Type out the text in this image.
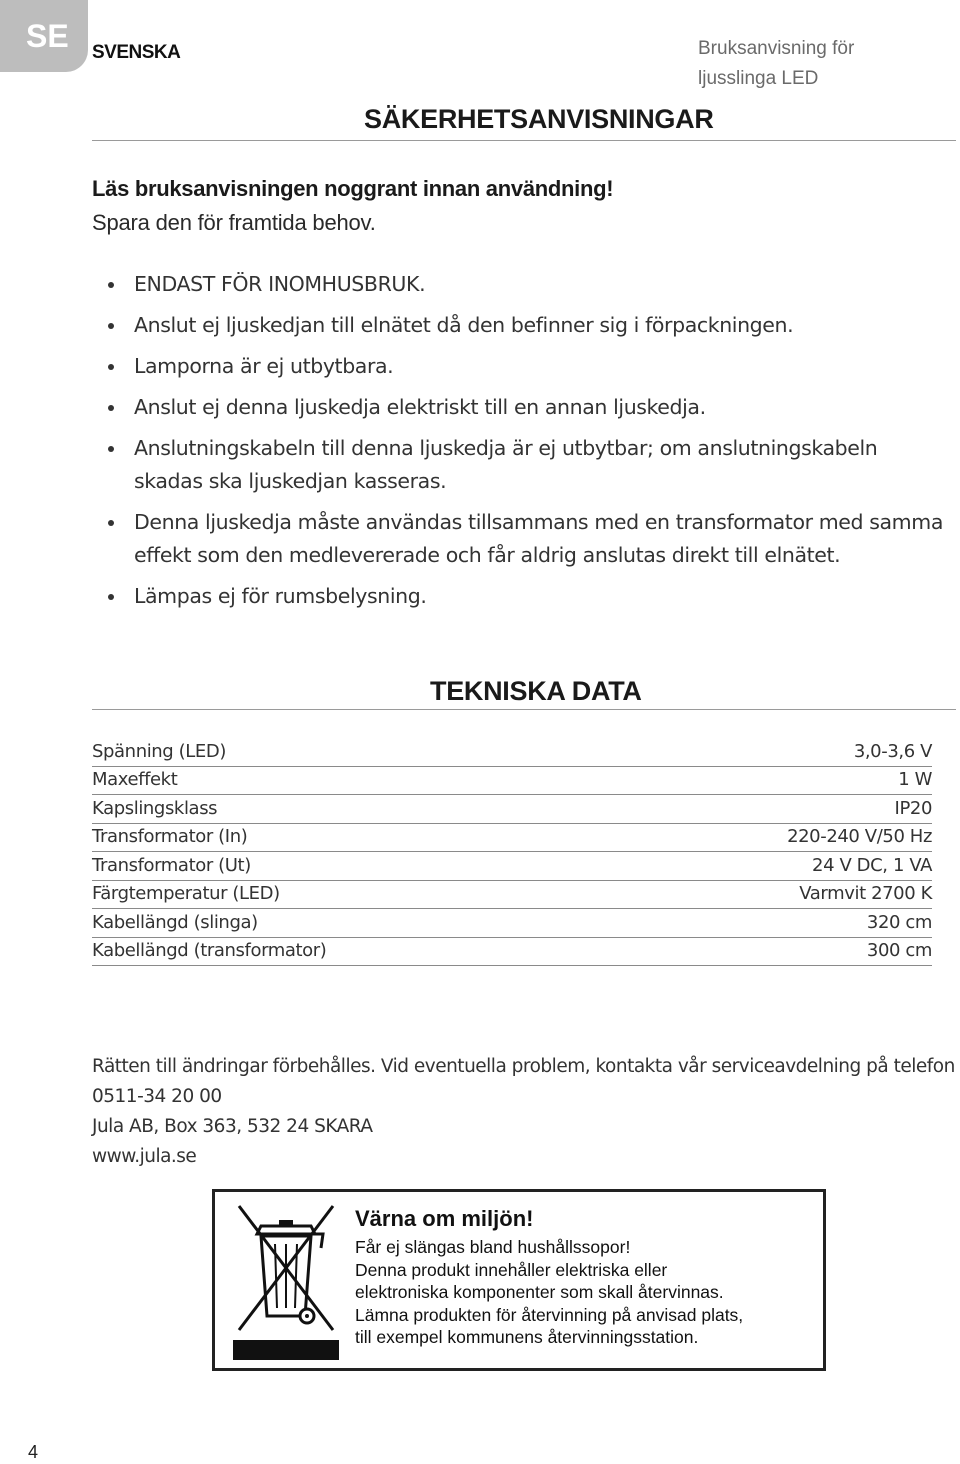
SE	SVENSKA	Bruksanvisning för
ljusslinga LED
SÄKERHETSANVISNINGAR
Läs bruksanvisningen noggrant innan användning!
Spara den för framtida behov.
ENDAST FÖR INOMHUSBRUK.
Anslut ej ljuskedjan till elnätet då den befinner sig i förpackningen.
Lamporna är ej utbytbara.
Anslut ej denna ljuskedja elektriskt till en annan ljuskedja.
Anslutningskabeln till denna ljuskedja är ej utbytbar; om anslutningskabeln skadas ska ljuskedjan kasseras.
Denna ljuskedja måste användas tillsammans med en transformator med samma effekt som den medlevererade och får aldrig anslutas direkt till elnätet.
Lämpas ej för rumsbelysning.
TEKNISKA DATA
Spänning (LED)	3,0-3,6 V
Maxeffekt	1 W
Kapslingsklass	IP20
Transformator (In)	220-240 V/50 Hz
Transformator (Ut)	24 V DC, 1 VA
Färgtemperatur (LED)	Varmvit 2700 K
Kabellängd (slinga)	320 cm
Kabellängd (transformator)	300 cm
Rätten till ändringar förbehålles. Vid eventuella problem, kontakta vår serviceavdelning på telefon
0511-34 20 00
Jula AB, Box 363, 532 24 SKARA
www.jula.se
Värna om miljön!
Får ej slängas bland hushållssopor!
Denna produkt innehåller elektriska eller
elektroniska komponenter som skall återvinnas.
Lämna produkten för återvinning på anvisad plats,
till exempel kommunens återvinningsstation.
4
